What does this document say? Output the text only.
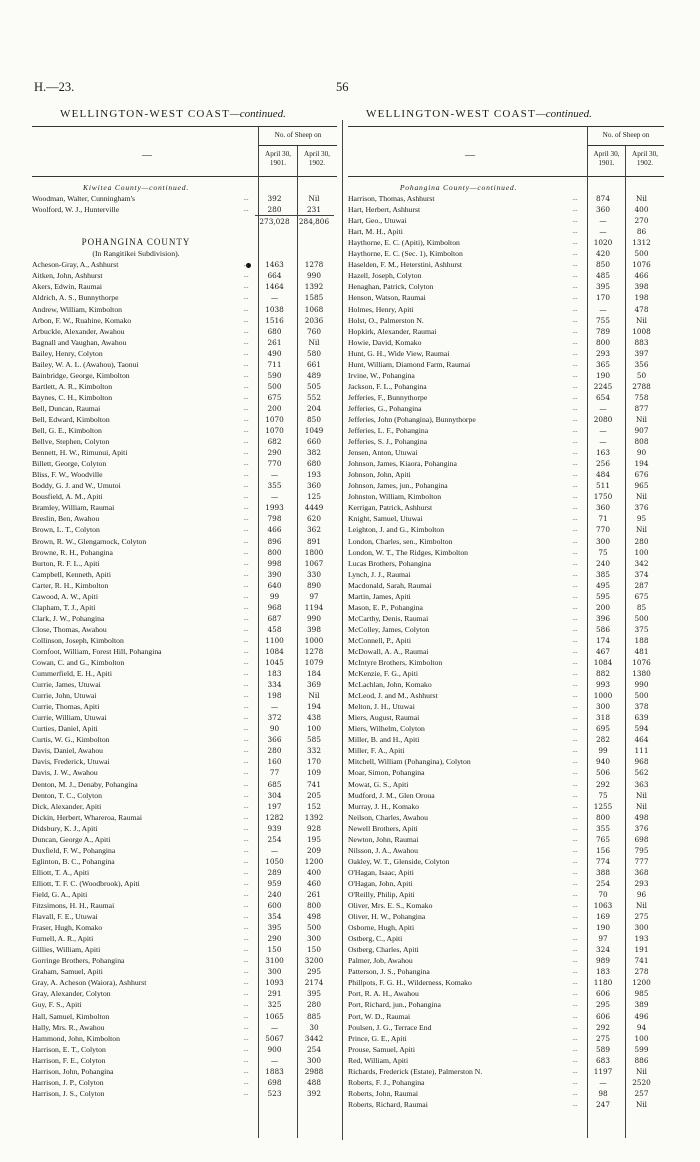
H.—23.	56
WELLINGTON-WEST COAST—continued.	WELLINGTON-WEST COAST—continued.
No. of Sheep on
—	April 30, 1901.
April 30, 1902.
No. of Sheep on
—	April 30, 1901.
April 30, 1902.
Kiwitea County—continued.
Woodman, Walter, Cunningham's	...	392	Nil
Woolford, W. J., Hunterville	...	280	231
273,028	284,806
POHANGINA COUNTY
(In Rangitikei Subdivision).
Acheson-Gray, A., Ashhurst	...	1463	1278
Aitken, John, Ashhurst	...	664	990
Akers, Edwin, Raumai	...	1464	1392
Aldrich, A. S., Bunnythorpe	...	—	1585
Andrew, William, Kimbolton	...	1038	1068
Arbon, F. W., Ruahine, Komako	...	1516	2036
Arbuckle, Alexander, Awahou	...	680	760
Bagnall and Vaughan, Awahou	...	261	Nil
Bailey, Henry, Colyton	...	490	580
Bailey, W. A. L. (Awahou), Taonui	...	711	661
Bainbridge, George, Kimbolton	...	590	489
Bartlett, A. R., Kimbolton	...	500	505
Baynes, C. H., Kimbolton	...	675	552
Bell, Duncan, Raumai	...	200	204
Bell, Edward, Kimbolton	...	1070	850
Bell, G. E., Kimbolton	...	1070	1049
Bellve, Stephen, Colyton	...	682	660
Bennett, H. W., Rimunui, Apiti	...	290	382
Billett, George, Colyton	...	770	680
Bliss, F. W., Woodville	...	—	193
Boddy, G. J. and W., Umutoi	...	355	360
Bousfield, A. M., Apiti	...	—	125
Bramley, William, Raumai	...	1993	4449
Breslin, Ben, Awahou	...	798	620
Brown, L. T., Colyton	...	466	362
Brown, R. W., Glengarnock, Colyton	...	896	891
Browne, R. H., Pohangina	...	800	1800
Burton, R. F. L., Apiti	...	998	1067
Campbell, Kenneth, Apiti	...	390	330
Carter, R. H., Kimbolton	...	640	890
Cawood, A. W., Apiti	...	99	97
Clapham, T. J., Apiti	...	968	1194
Clark, J. W., Pohangina	...	687	990
Close, Thomas, Awahou	...	458	398
Collinson, Joseph, Kimbolton	...	1100	1000
Cornfoot, William, Forest Hill, Pohangina	...	1084	1278
Cowan, C. and G., Kimbolton	...	1045	1079
Cummerfield, E. H., Apiti	...	183	184
Currie, James, Utuwai	...	334	369
Currie, John, Utuwai	...	198	Nil
Currie, Thomas, Apiti	...	—	194
Currie, William, Utuwai	...	372	438
Curties, Daniel, Apiti	...	90	100
Curtis, W. G., Kimbolton	...	366	585
Davis, Daniel, Awahou	...	280	332
Davis, Frederick, Utuwai	...	160	170
Davis, J. W., Awahou	...	77	109
Denton, M. J., Denaby, Pohangina	...	685	741
Denton, T. C., Colyton	...	304	205
Dick, Alexander, Apiti	...	197	152
Dickin, Herbert, Whareroa, Raumai	...	1282	1392
Didsbury, K. J., Apiti	...	939	928
Duncan, George A., Apiti	...	254	195
Duxfield, F. W., Pohangina	...	—	209
Eglinton, B. C., Pohangina	...	1050	1200
Elliott, T. A., Apiti	...	289	400
Elliott, T. F. C. (Woodbrook), Apiti	...	959	460
Field, G. A., Apiti	...	240	261
Fitzsimons, H. H., Raumai	...	600	800
Flavall, F. E., Utuwai	...	354	498
Fraser, Hugh, Komako	...	395	500
Furnell, A. R., Apiti	...	290	300
Gillies, William, Apiti	...	150	150
Gorringe Brothers, Pohangina	...	3100	3200
Graham, Samuel, Apiti	...	300	295
Gray, A. Acheson (Waiora), Ashhurst	...	1093	2174
Gray, Alexander, Colyton	...	291	395
Guy, F. S., Apiti	...	325	280
Hall, Samuel, Kimbolton	...	1065	885
Hally, Mrs. R., Awahou	...	—	30
Hammond, John, Kimbolton	...	5067	3442
Harrison, E. T., Colyton	...	900	254
Harrison, F. E., Colyton	...	—	300
Harrison, John, Pohangina	...	1883	2988
Harrison, J. P., Colyton	...	698	488
Harrison, J. S., Colyton	...	523	392
Pohangina County—continued.
Harrison, Thomas, Ashhurst	...	874	Nil
Hart, Herbert, Ashhurst	...	360	400
Hart, Geo., Utuwai	...	—	270
Hart, M. H., Apiti	...	—	86
Haythorne, E. C. (Apiti), Kimbolton	...	1020	1312
Haythorne, E. C. (Sec. 1), Kimbolton	...	420	500
Haselden, F. M., Heterstini, Ashhurst	...	850	1076
Hazell, Joseph, Colyton	...	485	466
Henaghan, Patrick, Colyton	...	395	398
Henson, Watson, Raumai	...	170	198
Holmes, Henry, Apiti	...	—	478
Holst, O., Palmerston N.	...	755	Nil
Hopkirk, Alexander, Raumai	...	789	1008
Howie, David, Komako	...	800	883
Hunt, G. H., Wide View, Raumai	...	293	397
Hunt, William, Diamond Farm, Raumai	...	365	356
Irvine, W., Pohangina	...	190	50
Jackson, F. L., Pohangina	...	2245	2788
Jefferies, F., Bunnythorpe	...	654	758
Jefferies, G., Pohangina	...	—	877
Jefferies, John (Pohangina), Bunnythorpe	...	2080	Nil
Jefferies, L. F., Pohangina	...	—	907
Jefferies, S. J., Pohangina	...	—	808
Jensen, Anton, Utuwai	...	163	90
Johnson, James, Kiaora, Pohangina	...	256	194
Johnson, John, Apiti	...	484	676
Johnson, James, jun., Pohangina	...	511	965
Johnston, William, Kimbolton	...	1750	Nil
Kerrigan, Patrick, Ashhurst	...	360	376
Knight, Samuel, Utuwai	...	71	95
Leighton, J. and G., Kimbolton	...	770	Nil
London, Charles, sen., Kimbolton	...	300	280
London, W. T., The Ridges, Kimbolton	...	75	100
Lucas Brothers, Pohangina	...	240	342
Lynch, J. J., Raumai	...	385	374
Macdonald, Sarah, Raumai	...	495	287
Martin, James, Apiti	...	595	675
Mason, E. P., Pohangina	...	200	85
McCarthy, Denis, Raumai	...	396	500
McColley, James, Colyton	...	586	375
McConnell, P., Apiti	...	174	188
McDowall, A. A., Raumai	...	467	481
McIntyre Brothers, Kimbolton	...	1084	1076
McKenzie, F. G., Apiti	...	882	1380
McLachlan, John, Komako	...	993	990
McLeod, J. and M., Ashhurst	...	1000	500
Melton, J. H., Utuwai	...	300	378
Miers, August, Raumai	...	318	639
Miers, Wilhelm, Colyton	...	695	594
Miller, B. and H., Apiti	...	282	464
Miller, F. A., Apiti	...	99	111
Mitchell, William (Pohangina), Colyton	...	940	968
Moar, Simon, Pohangina	...	506	562
Mowat, G. S., Apiti	...	292	363
Mudford, J. M., Glen Oroua	...	75	Nil
Murray, J. H., Komako	...	1255	Nil
Neilson, Charles, Awahou	...	800	498
Newell Brothers, Apiti	...	355	376
Newton, John, Raumai	...	765	698
Nilsson, J. A., Awahou	...	156	795
Oakley, W. T., Glenside, Colyton	...	774	777
O'Hagan, Isaac, Apiti	...	388	368
O'Hagan, John, Apiti	...	254	293
O'Reilly, Philip, Apiti	...	70	96
Oliver, Mrs. E. S., Komako	...	1063	Nil
Oliver, H. W., Pohangina	...	169	275
Osborne, Hugh, Apiti	...	190	300
Ostberg, C., Apiti	...	97	193
Ostberg, Charles, Apiti	...	324	191
Palmer, Job, Awahou	...	989	741
Patterson, J. S., Pohangina	...	183	278
Phillpots, F. G. H., Wilderness, Komako	...	1180	1200
Port, R. A. H., Awahou	...	606	985
Port, Richard, jun., Pohangina	...	295	389
Port, W. D., Raumai	...	606	496
Poulsen, J. G., Terrace End	...	292	94
Prince, G. E., Apiti	...	275	100
Prouse, Samuel, Apiti	...	589	599
Red, William, Apiti	...	683	886
Richards, Frederick (Estate), Palmerston N.	...	1197	Nil
Roberts, F. J., Pohangina	...	—	2520
Roberts, John, Raumai	...	98	257
Roberts, Richard, Raumai	...	247	Nil
